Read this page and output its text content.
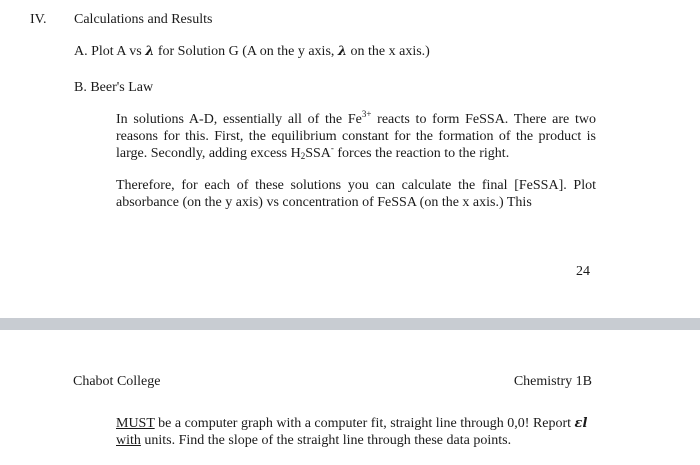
IV. Calculations and Results
A. Plot A vs λ for Solution G (A on the y axis, λ on the x axis.)
B. Beer's Law

In solutions A-D, essentially all of the $Fe^{3+}$ reacts to form FeSSA. There are two reasons for this. First, the equilibrium constant for the formation of the product is large. Secondly, adding excess $H_2SSA^-$ forces the reaction to the right.

Therefore, for each of these solutions you can calculate the final [FeSSA]. Plot absorbance (on the y axis) vs concentration of FeSSA (on the x axis.) This

24
Chabot College	Chemistry 1B

MUST be a computer graph with a computer fit, straight line through 0,0! Report εl with units. Find the slope of the straight line through these data points.
